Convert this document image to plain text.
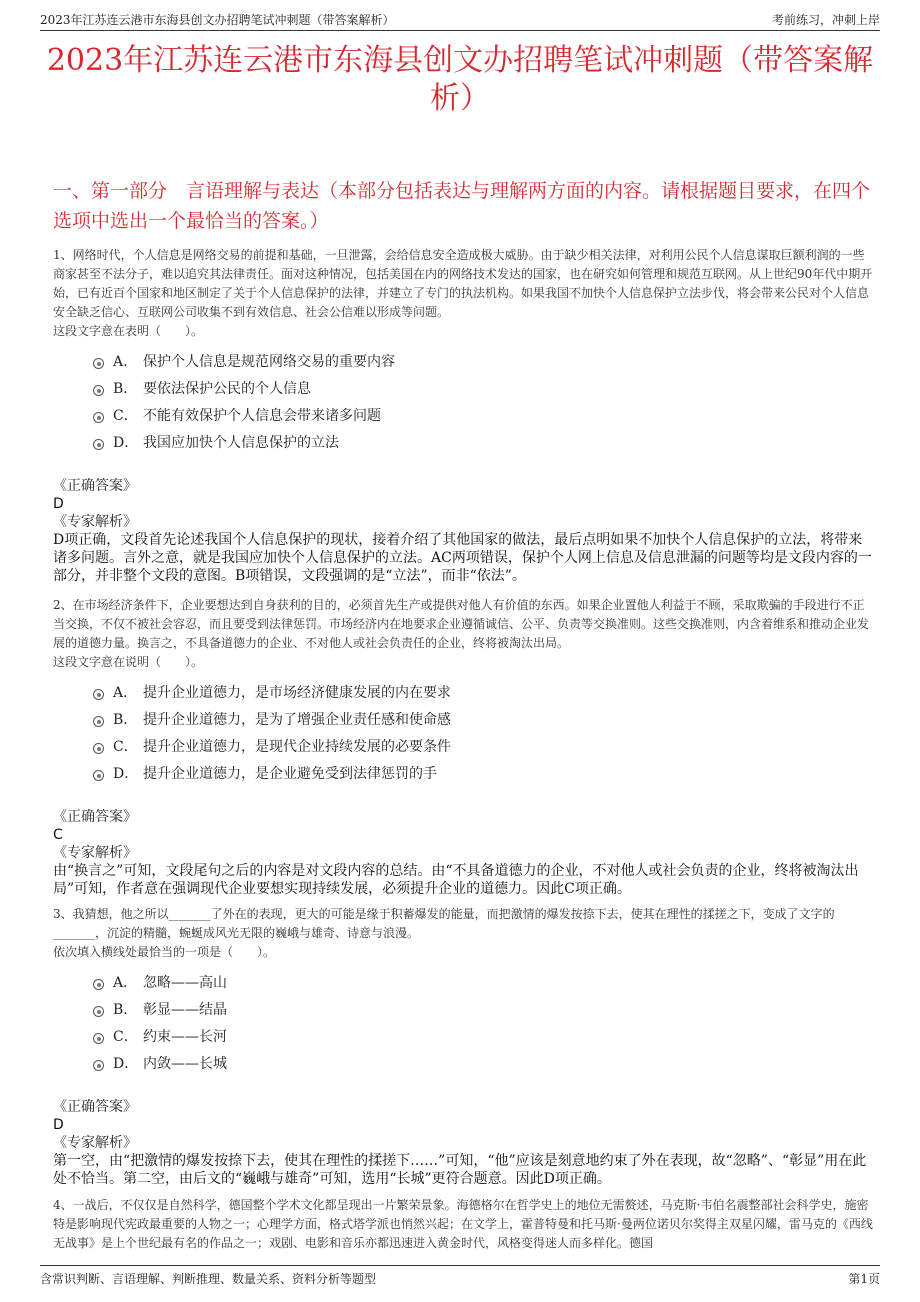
2023年江苏连云港市东海县创文办招聘笔试冲刺题（带答案解析）	考前练习，冲刺上岸
2023年江苏连云港市东海县创文办招聘笔试冲刺题（带答案解析）
一、第一部分　言语理解与表达（本部分包括表达与理解两方面的内容。请根据题目要求，在四个选项中选出一个最恰当的答案。）

1、网络时代，个人信息是网络交易的前提和基础，一旦泄露，会给信息安全造成极大威胁。由于缺少相关法律，对利用公民个人信息谋取巨额利润的一些商家甚至不法分子，难以追究其法律责任。面对这种情况，包括美国在内的网络技术发达的国家，也在研究如何管理和规范互联网。从上世纪90年代中期开始，已有近百个国家和地区制定了关于个人信息保护的法律，并建立了专门的执法机构。如果我国不加快个人信息保护立法步伐，将会带来公民对个人信息安全缺乏信心、互联网公司收集不到有效信息、社会公信难以形成等问题。

这段文字意在表明（　　）。

A． 保护个人信息是规范网络交易的重要内容
B． 要依法保护公民的个人信息
C． 不能有效保护个人信息会带来诸多问题
D． 我国应加快个人信息保护的立法
《正确答案》
D
《专家解析》

D项正确，文段首先论述我国个人信息保护的现状，接着介绍了其他国家的做法，最后点明如果不加快个人信息保护的立法，将带来诸多问题。言外之意，就是我国应加快个人信息保护的立法。AC两项错误，保护个人网上信息及信息泄漏的问题等均是文段内容的一部分，并非整个文段的意图。B项错误，文段强调的是“立法”，而非“依法”。

2、在市场经济条件下，企业要想达到自身获利的目的，必须首先生产或提供对他人有价值的东西。如果企业置他人利益于不顾，采取欺骗的手段进行不正当交换，不仅不被社会容忍，而且要受到法律惩罚。市场经济内在地要求企业遵循诚信、公平、负责等交换准则。这些交换准则，内含着维系和推动企业发展的道德力量。换言之，不具备道德力的企业、不对他人或社会负责任的企业，终将被淘汰出局。

这段文字意在说明（　　）。

A． 提升企业道德力，是市场经济健康发展的内在要求
B． 提升企业道德力，是为了增强企业责任感和使命感
C． 提升企业道德力，是现代企业持续发展的必要条件
D． 提升企业道德力，是企业避免受到法律惩罚的手
《正确答案》
C
《专家解析》

由“换言之”可知，文段尾句之后的内容是对文段内容的总结。由“不具备道德力的企业，不对他人或社会负责的企业，终将被淘汰出局”可知，作者意在强调现代企业要想实现持续发展，必须提升企业的道德力。因此C项正确。

3、我猜想，他之所以_______了外在的表现，更大的可能是缘于积蓄爆发的能量，而把激情的爆发按捺下去，使其在理性的揉搓之下，变成了文字的_______，沉淀的精髓，蜿蜒成风光无限的巍峨与雄奇、诗意与浪漫。

依次填入横线处最恰当的一项是（　　）。

A． 忽略——高山
B． 彰显——结晶
C． 约束——长河
D． 内敛——长城
《正确答案》
D
《专家解析》

第一空，由“把激情的爆发按捺下去，使其在理性的揉搓下……”可知，“他”应该是刻意地约束了外在表现，故“忽略”、“彰显”用在此处不恰当。第二空，由后文的“巍峨与雄奇”可知，选用“长城”更符合题意。因此D项正确。

4、一战后，不仅仅是自然科学，德国整个学术文化都呈现出一片繁荣景象。海德格尔在哲学史上的地位无需赘述，马克斯·韦伯名震整部社会科学史，施密特是影响现代宪政最重要的人物之一；心理学方面，格式塔学派也悄然兴起；在文学上，霍普特曼和托马斯·曼两位诺贝尔奖得主双星闪耀，雷马克的《西线无战事》是上个世纪最有名的作品之一；戏剧、电影和音乐亦都迅速进入黄金时代，风格变得迷人而多样化。德国

含常识判断、言语理解、判断推理、数量关系、资料分析等题型	第1页
